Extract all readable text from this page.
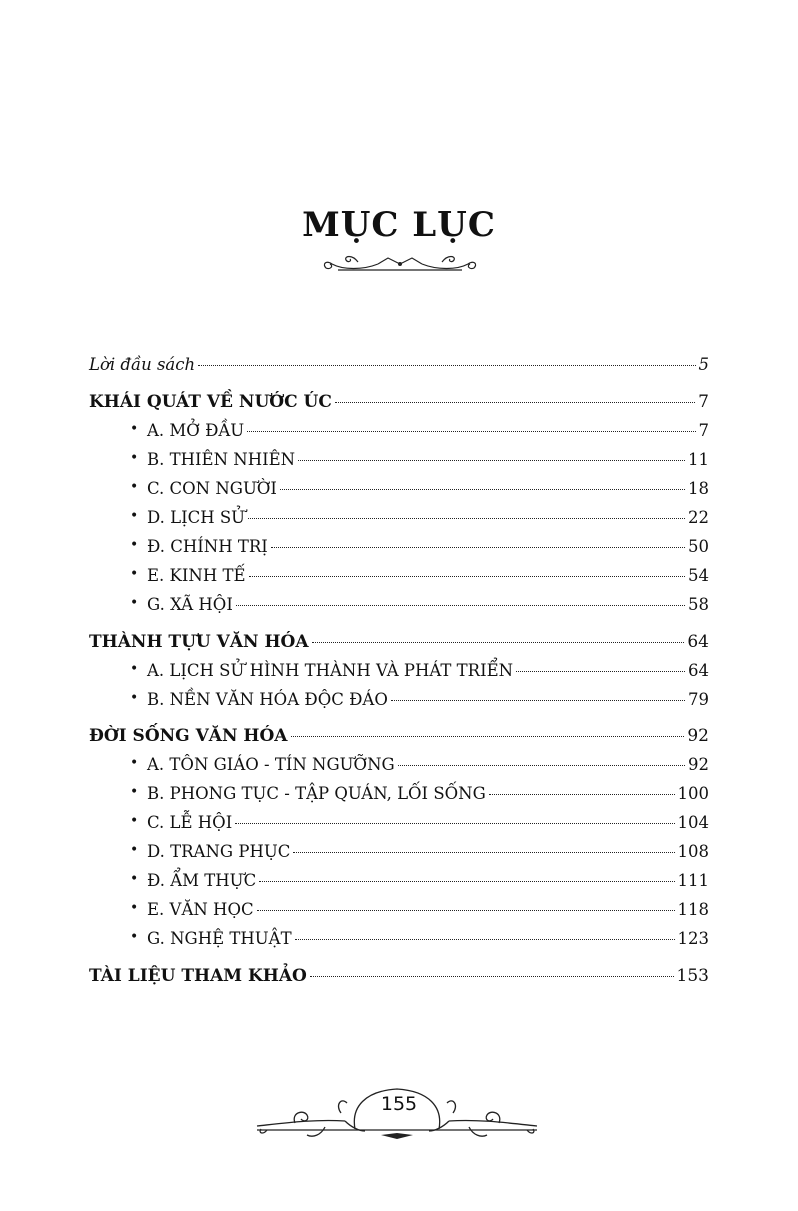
MỤC LỤC
Lời đầu sách	5
KHÁI QUÁT VỀ NƯỚC ÚC	7
• A. MỞ ĐẦU	7
• B. THIÊN NHIÊN	11
• C. CON NGƯỜI	18
• D. LỊCH SỬ	22
• Đ. CHÍNH TRỊ	50
• E. KINH TẾ	54
• G. XÃ HỘI	58
THÀNH TỰU VĂN HÓA	64
• A. LỊCH SỬ HÌNH THÀNH VÀ PHÁT TRIỂN	64
• B. NỀN VĂN HÓA ĐỘC ĐÁO	79
ĐỜI SỐNG VĂN HÓA	92
• A. TÔN GIÁO - TÍN NGƯỠNG	92
• B. PHONG TỤC - TẬP QUÁN, LỐI SỐNG	100
• C. LỄ HỘI	104
• D. TRANG PHỤC	108
• Đ. ẨM THỰC	111
• E. VĂN HỌC	118
• G. NGHỆ THUẬT	123
TÀI LIỆU THAM KHẢO	153
155
